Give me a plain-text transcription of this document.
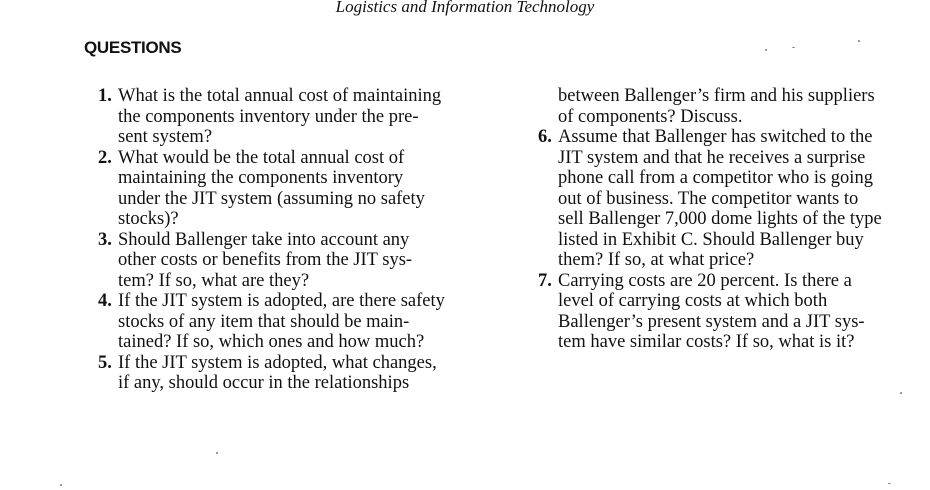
Logistics and Information Technology
QUESTIONS
1. What is the total annual cost of maintaining
the components inventory under the pre-
sent system?
2. What would be the total annual cost of
maintaining the components inventory
under the JIT system (assuming no safety
stocks)?
3. Should Ballenger take into account any
other costs or benefits from the JIT sys-
tem? If so, what are they?
4. If the JIT system is adopted, are there safety
stocks of any item that should be main-
tained? If so, which ones and how much?
5. If the JIT system is adopted, what changes,
if any, should occur in the relationships
between Ballenger’s firm and his suppliers
of components? Discuss.
6. Assume that Ballenger has switched to the
JIT system and that he receives a surprise
phone call from a competitor who is going
out of business. The competitor wants to
sell Ballenger 7,000 dome lights of the type
listed in Exhibit C. Should Ballenger buy
them? If so, at what price?
7. Carrying costs are 20 percent. Is there a
level of carrying costs at which both
Ballenger’s present system and a JIT sys-
tem have similar costs? If so, what is it?
